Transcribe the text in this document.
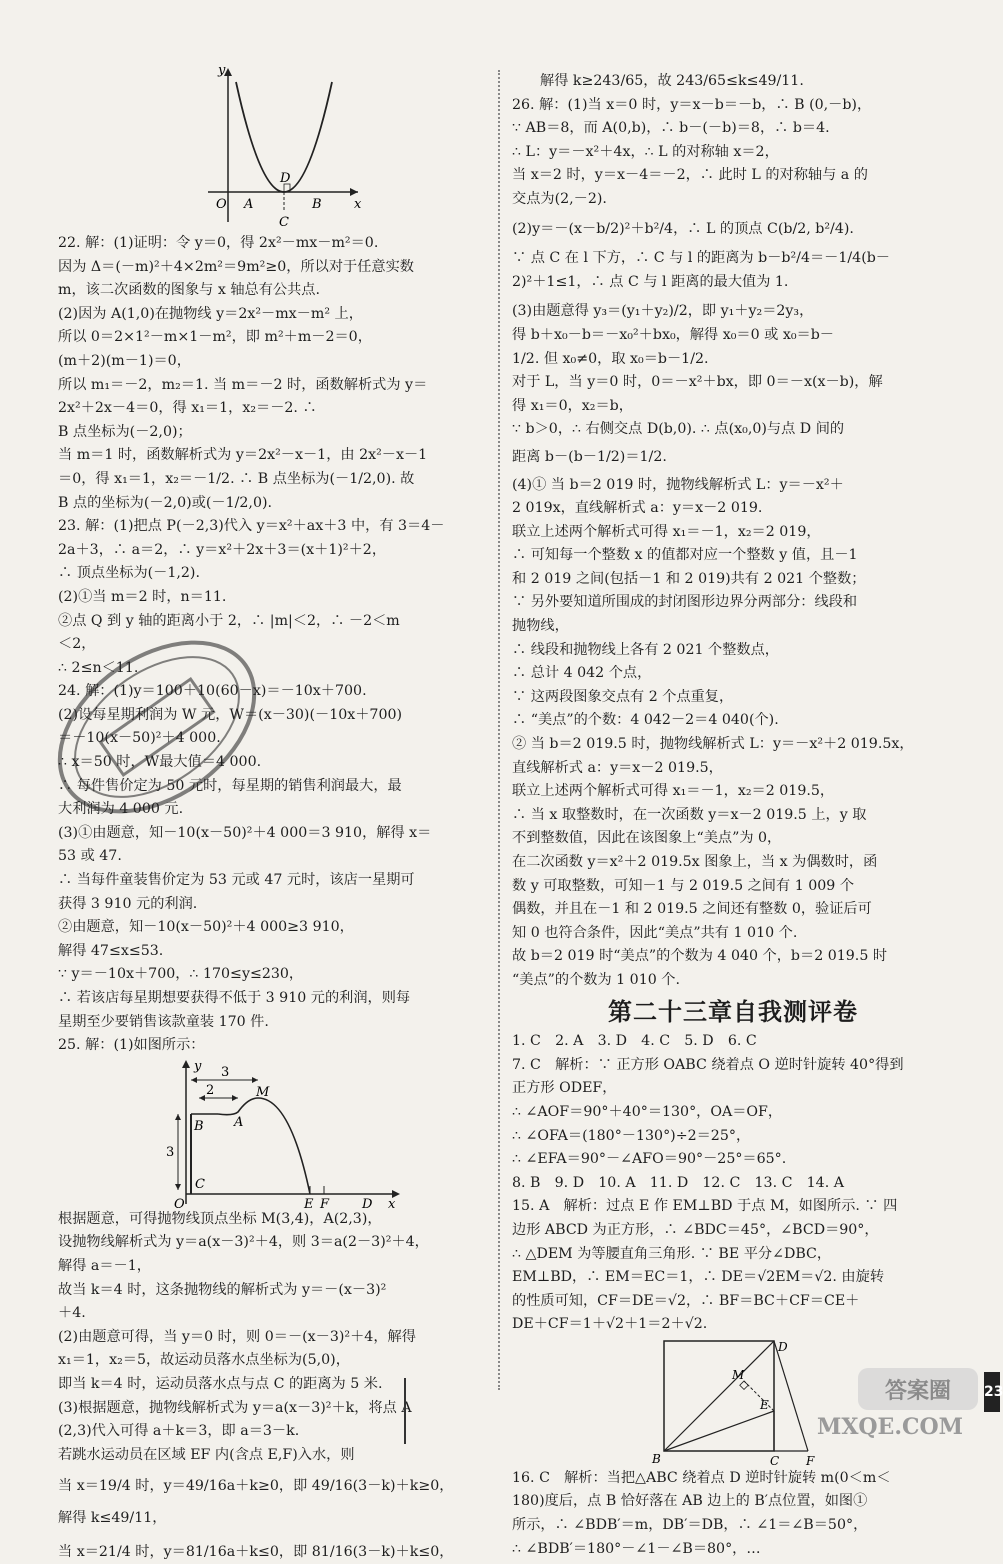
y
O A
D
B x
C
22. 解：(1)证明：令 y＝0，得 2x²－mx－m²＝0.
因为 Δ＝(－m)²＋4×2m²＝9m²≥0，所以对于任意实数
m，该二次函数的图象与 x 轴总有公共点.
(2)因为 A(1,0)在抛物线 y＝2x²－mx－m² 上，
所以 0＝2×1²－m×1－m²，即 m²＋m－2＝0，
(m＋2)(m－1)＝0，
所以 m₁＝－2，m₂＝1. 当 m＝－2 时，函数解析式为 y＝
2x²＋2x－4＝0，得 x₁＝1，x₂＝－2. ∴
B 点坐标为(－2,0)；
当 m＝1 时，函数解析式为 y＝2x²－x－1，由 2x²－x－1
＝0，得 x₁＝1，x₂＝－1/2. ∴ B 点坐标为(－1/2,0). 故
B 点的坐标为(－2,0)或(－1/2,0).
23. 解：(1)把点 P(－2,3)代入 y＝x²＋ax＋3 中，有 3＝4－
2a＋3，∴ a＝2，∴ y＝x²＋2x＋3＝(x＋1)²＋2，
∴ 顶点坐标为(－1,2).
(2)①当 m＝2 时，n＝11.
②点 Q 到 y 轴的距离小于 2，∴ |m|＜2，∴ －2＜m
＜2，
∴ 2≤n＜11.
24. 解：(1)y＝100＋10(60－x)＝－10x＋700.
(2)设每星期利润为 W 元，W＝(x－30)(－10x＋700)
＝－10(x－50)²＋4 000.
∴ x＝50 时，W最大值＝4 000.
∴ 每件售价定为 50 元时，每星期的销售利润最大，最
大利润为 4 000 元.
(3)①由题意，知－10(x－50)²＋4 000＝3 910，解得 x＝
53 或 47.
∴ 当每件童装售价定为 53 元或 47 元时，该店一星期可
获得 3 910 元的利润.
②由题意，知－10(x－50)²＋4 000≥3 910，
解得 47≤x≤53.
∵ y＝－10x＋700，∴ 170≤y≤230，
∴ 若该店每星期想要获得不低于 3 910 元的利润，则每
星期至少要销售该款童装 170 件.
25. 解：(1)如图所示：
y 3
2	M
A
B
3
O
C
E F	D x
根据题意，可得抛物线顶点坐标 M(3,4)，A(2,3)，
设抛物线解析式为 y＝a(x－3)²＋4，则 3＝a(2－3)²＋4，
解得 a＝－1，
故当 k＝4 时，这条抛物线的解析式为 y＝－(x－3)²
＋4.
(2)由题意可得，当 y＝0 时，则 0＝－(x－3)²＋4，解得
x₁＝1，x₂＝5，故运动员落水点坐标为(5,0)，
即当 k＝4 时，运动员落水点与点 C 的距离为 5 米.
(3)根据题意，抛物线解析式为 y＝a(x－3)²＋k，将点 A
(2,3)代入可得 a＋k＝3，即 a＝3－k.
若跳水运动员在区域 EF 内(含点 E,F)入水，则
当 x＝19/4 时，y＝49/16a＋k≥0，即 49/16(3－k)＋k≥0，
解得 k≤49/11，
当 x＝21/4 时，y＝81/16a＋k≤0，即 81/16(3－k)＋k≤0，
解得 k≥243/65，故 243/65≤k≤49/11.
26. 解：(1)当 x＝0 时，y＝x－b＝－b，∴ B (0,－b)，
∵ AB＝8，而 A(0,b)，∴ b－(－b)＝8，∴ b＝4.
∴ L：y＝－x²＋4x，∴ L 的对称轴 x＝2，
当 x＝2 时，y＝x－4＝－2，∴ 此时 L 的对称轴与 a 的
交点为(2,－2).
(2)y＝－(x－b/2)²＋b²/4，∴ L 的顶点 C(b/2, b²/4).
∵ 点 C 在 l 下方，∴ C 与 l 的距离为 b－b²/4＝－1/4(b－
2)²＋1≤1，∴ 点 C 与 l 距离的最大值为 1.
(3)由题意得 y₃＝(y₁＋y₂)/2，即 y₁＋y₂＝2y₃，
得 b＋x₀－b＝－x₀²＋bx₀，解得 x₀＝0 或 x₀＝b－
1/2. 但 x₀≠0，取 x₀＝b－1/2.
对于 L，当 y＝0 时，0＝－x²＋bx，即 0＝－x(x－b)，解
得 x₁＝0，x₂＝b，
∵ b＞0，∴ 右侧交点 D(b,0). ∴ 点(x₀,0)与点 D 间的
距离 b－(b－1/2)＝1/2.
(4)① 当 b＝2 019 时，抛物线解析式 L：y＝－x²＋
2 019x，直线解析式 a：y＝x－2 019.
联立上述两个解析式可得 x₁＝－1，x₂＝2 019，
∴ 可知每一个整数 x 的值都对应一个整数 y 值，且－1
和 2 019 之间(包括－1 和 2 019)共有 2 021 个整数；
∵ 另外要知道所围成的封闭图形边界分两部分：线段和
抛物线，
∴ 线段和抛物线上各有 2 021 个整数点，
∴ 总计 4 042 个点，
∵ 这两段图象交点有 2 个点重复，
∴ “美点”的个数：4 042－2＝4 040(个).
② 当 b＝2 019.5 时，抛物线解析式 L：y＝－x²＋2 019.5x，
直线解析式 a：y＝x－2 019.5，
联立上述两个解析式可得 x₁＝－1，x₂＝2 019.5，
∴ 当 x 取整数时，在一次函数 y＝x－2 019.5 上，y 取
不到整数值，因此在该图象上“美点”为 0，
在二次函数 y＝x²＋2 019.5x 图象上，当 x 为偶数时，函
数 y 可取整数，可知－1 与 2 019.5 之间有 1 009 个
偶数，并且在－1 和 2 019.5 之间还有整数 0，验证后可
知 0 也符合条件，因此“美点”共有 1 010 个.
故 b＝2 019 时“美点”的个数为 4 040 个，b＝2 019.5 时
“美点”的个数为 1 010 个.
第二十三章自我测评卷
1. C　2. A　3. D　4. C　5. D　6. C
7. C　解析：∵ 正方形 OABC 绕着点 O 逆时针旋转 40°得到
正方形 ODEF，
∴ ∠AOF＝90°＋40°＝130°，OA＝OF，
∴ ∠OFA＝(180°－130°)÷2＝25°，
∴ ∠EFA＝90°－∠AFO＝90°－25°＝65°.
8. B　9. D　10. A　11. D　12. C　13. C　14. A
15. A　解析：过点 E 作 EM⊥BD 于点 M，如图所示. ∵ 四
边形 ABCD 为正方形，∴ ∠BDC＝45°，∠BCD＝90°，
∴ △DEM 为等腰直角三角形. ∵ BE 平分∠DBC，
EM⊥BD，∴ EM＝EC＝1，∴ DE＝√2EM＝√2. 由旋转
的性质可知，CF＝DE＝√2，∴ BF＝BC＋CF＝CE＋
DE＋CF＝1＋√2＋1＝2＋√2.
D
M
E
B	C F
16. C　解析：当把△ABC 绕着点 D 逆时针旋转 m(0＜m＜
180)度后，点 B 恰好落在 AB 边上的 B′点位置，如图①
所示，∴ ∠BDB′＝m，DB′＝DB，∴ ∠1＝∠B＝50°，
∴ ∠BDB′＝180°－∠1－∠B＝80°，…
答案圈
MXQE.COM
23
